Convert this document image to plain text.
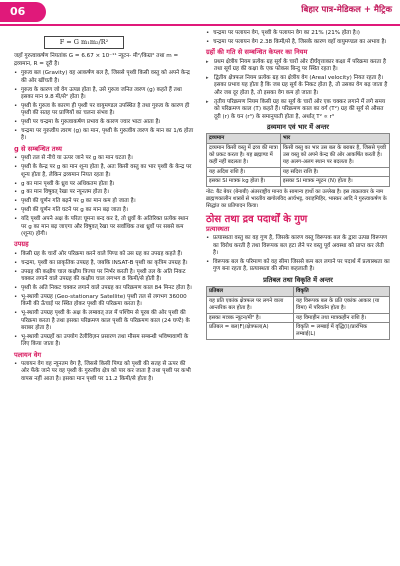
06	बिहार पात्र-मेडिकल + मैट्रिक
F = G m₁m₂/R²

जहाँ गुरुत्वाकर्षण नियतांक G = 6.67 × 10⁻¹¹ न्यूटन- मी²/किग्रा² तथा m = द्रव्यमान, R = दूरी है।

• गुरुत्व बल (Gravity) वह आकर्षण बल है, जिससे पृथ्वी किसी वस्तु को अपने केन्द्र की ओर खींचती है।
• गुरुत्व के कारण जो वेग उत्पन्न होता है, उसे गुरुत्व जनित त्वरण (g) कहते हैं तथा इसका मान 9.8 मी/से² होता है।
• पृथ्वी के गुरुत्व के कारण ही पृथ्वी पर वायुमण्डल उपस्थित है तथा गुरुत्व के कारण ही पृथ्वी की सतह पर प्राणियों का चलना संभव है।
• पृथ्वी पर चन्द्रमा के गुरुत्वाकर्षण प्रभाव के कारण ज्वार भाटा आता है।
• चन्द्रमा पर गुरुत्वीय त्वरण (g) का मान, पृथ्वी के गुरुत्वीय त्वरण के मान का 1/6 होता है।
g से सम्बन्धित तथ्य
• पृथ्वी तल से नीचे या ऊपर जाने पर g का मान घटता है।
• पृथ्वी के केन्द्र पर g का मान शून्य होता है, अतः किसी वस्तु का भार पृथ्वी के केन्द्र पर शून्य होता है, लेकिन द्रव्यमान नियत रहता है।
• g का मान पृथ्वी के ध्रुव पर अधिकतम होता है।
• g का मान विषुवत् रेखा पर न्यूनतम होता है।
• पृथ्वी की घूर्णन गति बढ़ने पर g का मान कम हो जाता है।
• पृथ्वी की घूर्णन गति घटने पर g का मान बढ़ जाता है।
• यदि पृथ्वी अपने अक्ष के परितः घूमना बन्द कर दे, तो ध्रुवों के अतिरिक्त प्रत्येक स्थान पर g का मान बढ़ जाएगा और विषुवत् रेखा पर सर्वाधिक तथा ध्रुवों पर सबसे कम (शून्य) होगी।
उपग्रह
• किसी ग्रह के चारों ओर परिक्रमा करने वाले पिण्ड को उस ग्रह का उपग्रह कहते हैं।
• चन्द्रमा, पृथ्वी का प्राकृतिक उपग्रह है, जबकि INSAT-B पृथ्वी का कृत्रिम उपग्रह है।
• उपग्रह की कक्षीय चाल कक्षीय त्रिज्या पर निर्भर करती है। पृथ्वी तल के अति निकट चक्कर लगाने वाले उपग्रह की कक्षीय चाल लगभग 8 किमी/से होती है।
• पृथ्वी के अति निकट चक्कर लगाने वाले उपग्रह का परिक्रमण काल 84 मिनट होता है।
• भू-स्थायी उपग्रह (Geo-stationary Satellite) पृथ्वी तल से लगभग 36000 किमी की ऊँचाई पर स्थित होकर पृथ्वी की परिक्रमा करता है।
• भू-स्थायी उपग्रह पृथ्वी के अक्ष के लम्बवत् तल में पश्चिम से पूरब की ओर पृथ्वी की परिक्रमा करता है तथा इसका परिक्रमण काल पृथ्वी के परिक्रमण काल (24 घण्टे) के बराबर होता है।
• भू-स्थायी उपग्रहों का उपयोग टेलीविज़न प्रसारण तथा मौसम सम्बन्धी भविष्यवाणी के लिए किया जाता है।
पलायन वेग
• पलायन वेग वह न्यूनतम वेग है, जिससे किसी पिण्ड को पृथ्वी की सतह से ऊपर की ओर फेंके जाने पर वह पृथ्वी के गुरुत्वीय क्षेत्र को पार कर जाता है तथा पृथ्वी पर कभी वापस नहीं आता है। इसका मान पृथ्वी पर 11.2 किमी/से होता है।
• चन्द्रमा पर पलायन वेग, पृथ्वी के पलायन वेग का 21% (21% होता है।)
• चन्द्रमा पर पलायन वेग 2.38 किमी/से है, जिसके कारण वहाँ वायुमण्डल का अभाव है।
ग्रहों की गति से सम्बन्धित केप्लर का नियम
▸ प्रथम क्षेत्रीय नियम प्रत्येक ग्रह सूर्य के चारों ओर दीर्घवृत्ताकार कक्षा में परिक्रमा करता है तथा सूर्य ग्रह की कक्षा के एक फोकस बिन्दु पर स्थित रहता है।
▸ द्वितीय क्षेत्रफल नियम प्रत्येक ग्रह का क्षेत्रीय वेग (Areal velocity) नियत रहता है। इसका प्रभाव यह होता है कि जब ग्रह सूर्य के निकट होता है, तो उसका वेग बढ़ जाता है और जब दूर होता है, तो इसका वेग कम हो जाता है।
▸ तृतीय परिक्रमण नियम किसी ग्रह का सूर्य के चारों ओर एक चक्कर लगाने में लगे समय को परिक्रमण काल (T) कहते हैं। परिक्रमण काल का वर्ग (T²) ग्रह की सूर्य से औसत दूरी (r) के घन (r³) के समानुपाती होता है, अर्थात् T² ∝ r³
द्रव्यमान एवं भार में अन्तर
द्रव्यमान	भार
द्रव्यमान किसी वस्तु में द्रव्य की मात्रा को प्रकट करता है। यह ब्रह्माण्ड में कहीं नहीं बदलता है।	किसी वस्तु का भार उस बल के बराबर है, जिससे पृथ्वी उस वस्तु को अपने केन्द्र की ओर आकर्षित करती है। यह अलग-अलग स्थान पर बदलता है।
यह अदिश राशि है।	यह सदिश राशि है।
इसका SI मात्रक kg होता है।	इसका SI मात्रक न्यूटन (N) होता है।

नोट: बैट बेयर (बेनाबी) अंतरराष्ट्रीय मानव के सामान्य हाथों का उल्लेख है। इस ताक़तवार के नाम ब्राह्मणकालीन शास्त्रों से भारतीय खगोलविद आर्यभट्ट, वराहमिहिर, भास्कर आदि ने गुरुत्वाकर्षण के सिद्धांत का प्रतिपादन किया।

ठोस तथा द्रव पदार्थों के गुण
प्रत्यास्थता
• प्रत्यास्थता वस्तु का वह गुण है, जिसके कारण वस्तु विरूपक बल के द्वारा उत्पन्न विरूपण का विरोध करती है तथा विरूपक बल हटा लेने पर वस्तु पूर्व अवस्था को प्राप्त कर लेती है।
• विरूपक बल के परिमाण को वह सीमा जिससे कम बल लगाने पर पदार्थ में प्रत्यास्थता का गुण बना रहता है, प्रत्यास्थता की सीमा कहलाती है।
प्रतिबल तथा विकृति में अन्तर
प्रतिबल	विकृति
यह प्रति एकांक क्षेत्रफल पर लगने वाला आन्तरिक बल होता है।	यह विरूपक बल के प्रति एकांक आकार (या विमा) में परिवर्तन होता है।
इसका मात्रक न्यूटन/मी² है।	यह विमाहीन तथा मात्रकहीन राशि है।
प्रतिबल = बल(F)/क्षेत्रफल(A)	विकृति = लम्बाई में वृद्धि(l)/प्रारंभिक लम्बाई(L)
